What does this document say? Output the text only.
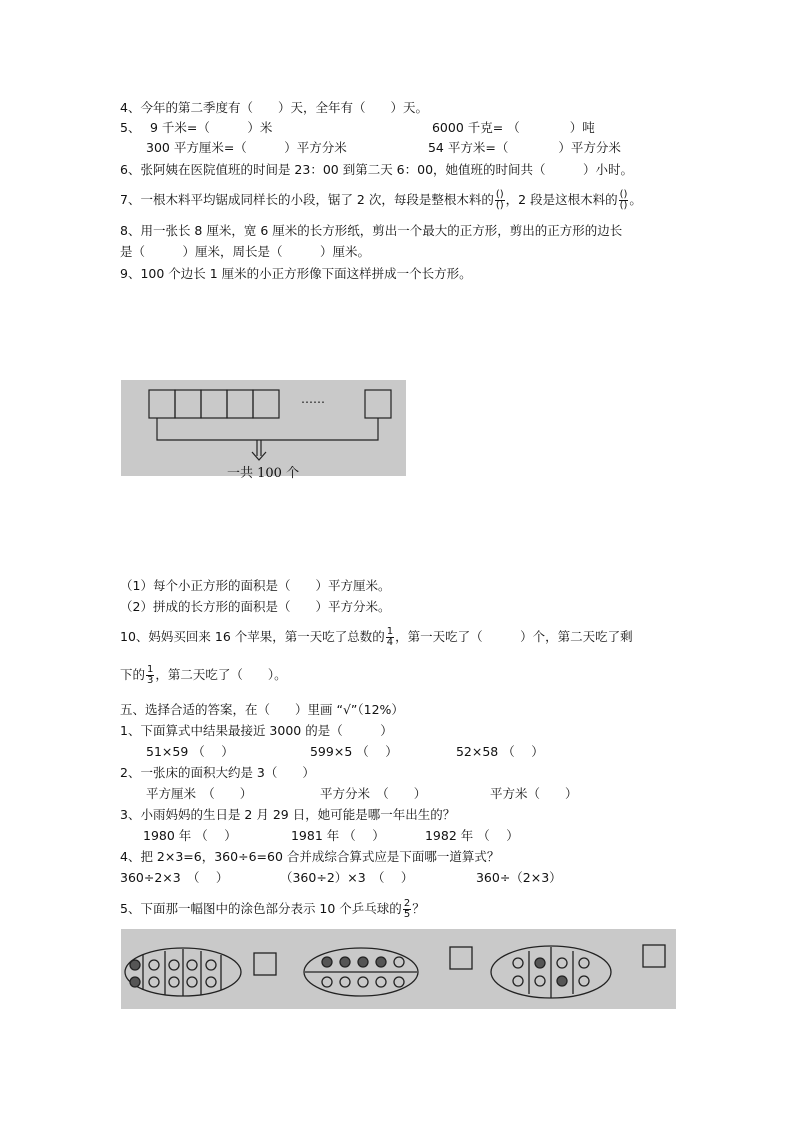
4、今年的第二季度有（　　）天，全年有（　　）天。
5、 9 千米=（　　　）米	6000 千克= （　　　　）吨
300 平方厘米=（　　　）平方分米	54 平方米=（　　　　）平方分米
6、张阿姨在医院值班的时间是 23：00 到第二天 6：00，她值班的时间共（　　　）小时。
7、一根木料平均锯成同样长的小段，锯了 2 次，每段是整根木料的 $\frac{()}{()}$ ，2 段是这根木料的 $\frac{()}{()}$ 。
8、用一张长 8 厘米，宽 6 厘米的长方形纸，剪出一个最大的正方形，剪出的正方形的边长
是（　　　）厘米，周长是（　　　）厘米。
9、100 个边长 1 厘米的小正方形像下面这样拼成一个长方形。
……
一共 100 个
（1）每个小正方形的面积是（　　）平方厘米。
（2）拼成的长方形的面积是（　　）平方分米。
10、妈妈买回来 16 个苹果，第一天吃了总数的 $\frac{1}{4}$ ，第一天吃了（　　　）个，第二天吃了剩
下的 $\frac{1}{3}$ ，第二天吃了（　　）。
五、选择合适的答案，在（　　）里画 “√”（12%）
1、下面算式中结果最接近 3000 的是（　　　）
51×59 （　 ）	599×5 （　 ）	52×58 （　 ）
2、一张床的面积大约是 3（　　）
平方厘米　（　　）	平方分米　（　　）	平方米（　　）
3、小雨妈妈的生日是 2 月 29 日，她可能是哪一年出生的？
1980 年 （　 ）	1981 年 （　 ）	1982 年 （　 ）
4、把 2×3=6，360÷6=60 合并成综合算式应是下面哪一道算式？
360÷2×3　（　 ）	（360÷2）×3　（　 ）	360÷（2×3）
5、下面那一幅图中的涂色部分表示 10 个乒乓球的 $\frac{2}{5}$ ？
